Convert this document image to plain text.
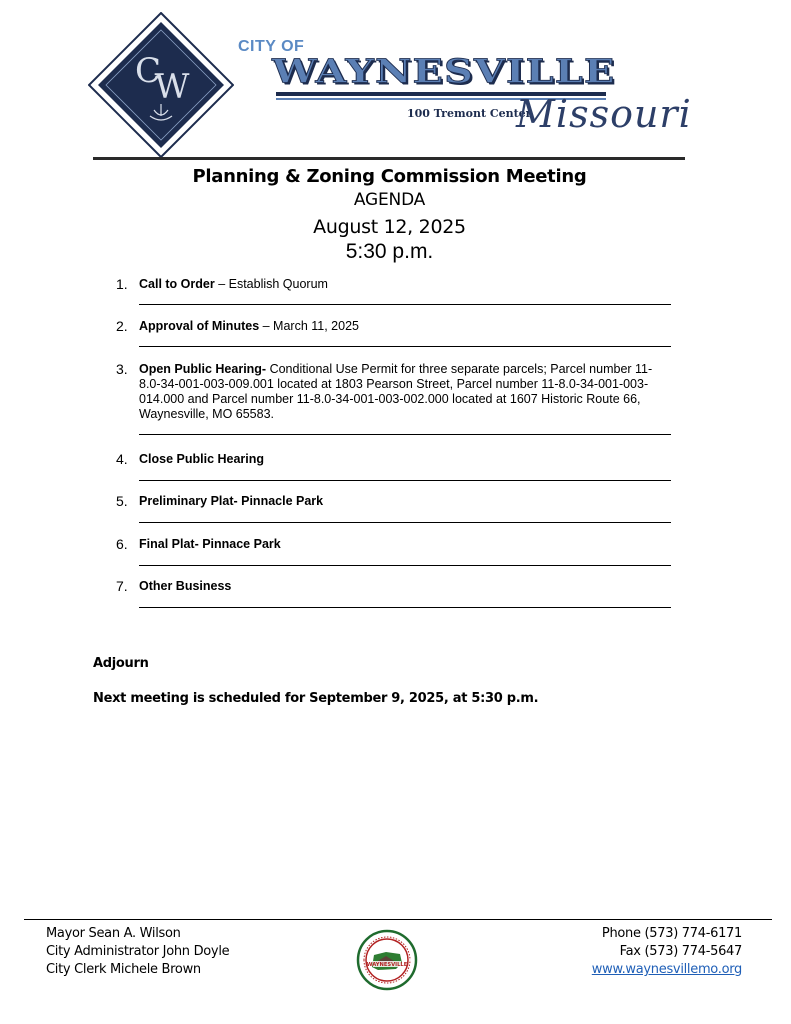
C
W
CITY OF
WAYNESVILLE
100 Tremont Center
Missouri
Planning & Zoning Commission Meeting
AGENDA
August 12, 2025
5:30 p.m.
1. Call to Order – Establish Quorum
2. Approval of Minutes – March 11, 2025
3. Open Public Hearing- Conditional Use Permit for three separate parcels; Parcel number 11-8.0-34-001-003-009.001 located at 1803 Pearson Street, Parcel number 11-8.0-34-001-003-014.000 and Parcel number 11-8.0-34-001-003-002.000 located at 1607 Historic Route 66, Waynesville, MO 65583.
4. Close Public Hearing
5. Preliminary Plat- Pinnacle Park
6. Final Plat- Pinnace Park
7. Other Business
Adjourn
Next meeting is scheduled for September 9, 2025, at 5:30 p.m.
Mayor Sean A. Wilson
City Administrator John Doyle
City Clerk Michele Brown	WAYNESVILLE
Phone (573) 774-6171
Fax (573) 774-5647
www.waynesvillemo.org
